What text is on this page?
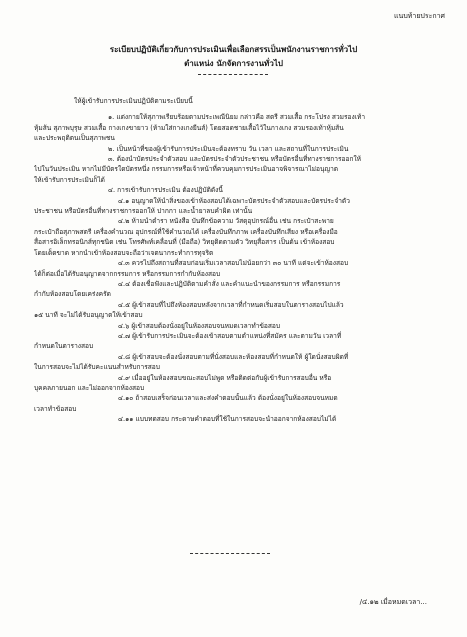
แนบท้ายประกาศ
ระเบียบปฏิบัติเกี่ยวกับการประเมินเพื่อเลือกสรรเป็นพนักงานราชการทั่วไป
ตำแหน่ง นักจัดการงานทั่วไป

ให้ผู้เข้ารับการประเมินปฏิบัติตามระเบียบนี้

๑. แต่งกายให้สุภาพเรียบร้อยตามประเพณีนิยม กล่าวคือ สตรี สวมเสื้อ กระโปรง สวมรองเท้า

หุ้มส้น สุภาพบุรุษ สวมเสื้อ กางเกงขายาว (ห้ามใส่กางเกงยีนส์) โดยสอดชายเสื้อไว้ในกางเกง สวมรองเท้าหุ้มส้น

และประพฤติตนเป็นสุภาพชน

๒. เป็นหน้าที่ของผู้เข้ารับการประเมินจะต้องทราบ วัน เวลา และสถานที่ในการประเมิน

๓. ต้องนำบัตรประจำตัวสอบ และบัตรประจำตัวประชาชน หรือบัตรอื่นที่ทางราชการออกให้

ไปในวันประเมิน หากไม่มีบัตรใดบัตรหนึ่ง กรรมการหรือเจ้าหน้าที่ควบคุมการประเมินอาจพิจารณาไม่อนุญาต

ให้เข้ารับการประเมินก็ได้

๔. การเข้ารับการประเมิน ต้องปฏิบัติดังนี้

๔.๑ อนุญาตให้นำสิ่งของเข้าห้องสอบได้เฉพาะบัตรประจำตัวสอบและบัตรประจำตัว

ประชาชน หรือบัตรอื่นที่ทางราชการออกให้ ปากกา และน้ำยาลบคำผิด เท่านั้น

๔.๒ ห้ามนำตำรา หนังสือ บันทึกข้อความ วัสดุอุปกรณ์อื่น เช่น กระเป๋าสะพาย

กระเป๋าถือสุภาพสตรี เครื่องคำนวณ อุปกรณ์ที่ใช้คำนวณได้ เครื่องบันทึกภาพ เครื่องบันทึกเสียง หรือเครื่องมือ

สื่อสารอิเล็กทรอนิกส์ทุกชนิด เช่น โทรศัพท์เคลื่อนที่ (มือถือ) วิทยุติดตามตัว วิทยุสื่อสาร เป็นต้น เข้าห้องสอบ

โดยเด็ดขาด หากนำเข้าห้องสอบจะถือว่าเจตนากระทำการทุจริต

๔.๓ ควรไปถึงสถานที่สอบก่อนเริ่มเวลาสอบไม่น้อยกว่า ๓๐ นาที แต่จะเข้าห้องสอบ

ได้ก็ต่อเมื่อได้รับอนุญาตจากกรรมการ หรือกรรมการกำกับห้องสอบ

๔.๔ ต้องเชื่อฟังและปฏิบัติตามคำสั่ง และคำแนะนำของกรรมการ หรือกรรมการ

กำกับห้องสอบโดยเคร่งครัด

๔.๕ ผู้เข้าสอบที่ไปถึงห้องสอบหลังจากเวลาที่กำหนดเริ่มสอบในตารางสอบไปแล้ว

๑๕ นาที จะไม่ได้รับอนุญาตให้เข้าสอบ

๔.๖ ผู้เข้าสอบต้องนั่งอยู่ในห้องสอบจนหมดเวลาทำข้อสอบ

๔.๗ ผู้เข้ารับการประเมินจะต้องเข้าสอบตามตำแหน่งที่สมัคร และตามวัน เวลาที่

กำหนดในตารางสอบ

๔.๘ ผู้เข้าสอบจะต้องนั่งสอบตามที่นั่งสอบและห้องสอบที่กำหนดให้ ผู้ใดนั่งสอบผิดที่

ในการสอบจะไม่ได้รับคะแนนสำหรับการสอบ

๔.๙ เมื่ออยู่ในห้องสอบขณะสอบไม่พูด หรือติดต่อกับผู้เข้ารับการสอบอื่น หรือ

บุคคลภายนอก และไม่ออกจากห้องสอบ

๔.๑๐ ถ้าสอบเสร็จก่อนเวลาและส่งคำตอบนั้นแล้ว ต้องนั่งอยู่ในห้องสอบจนหมด

เวลาทำข้อสอบ

๔.๑๑ แบบทดสอบ กระดาษคำตอบที่ใช้ในการสอบจะนำออกจากห้องสอบไม่ได้

/๔.๑๒ เมื่อหมดเวลา...
